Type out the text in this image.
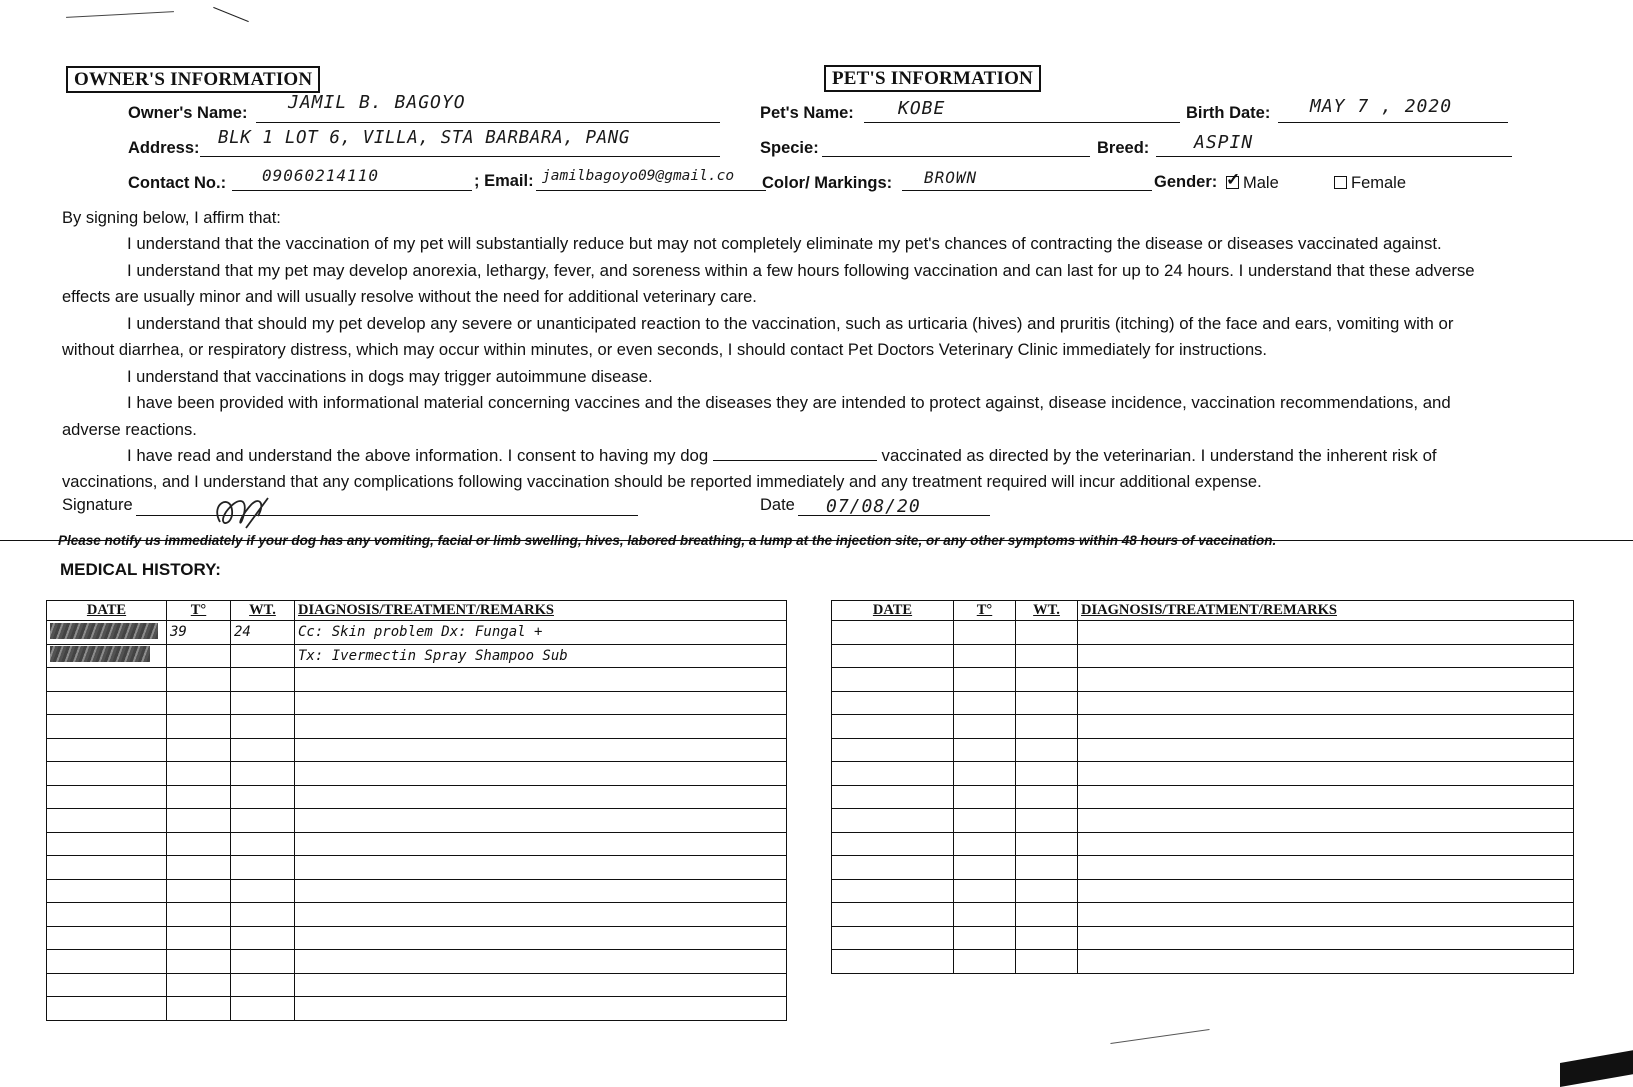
OWNER'S INFORMATION	PET'S INFORMATION
Owner's Name: JAMIL B. BAGOYO	Pet's Name: KOBE	Birth Date: MAY 7 , 2020
Address: BLK 1 LOT 6, VILLA, STA BARBARA, PANG	Specie:	Breed: ASPIN
Contact No.: 09060214110	; Email: jamilbagoyo09@gmail.co Color/ Markings: BROWN	Gender: ✓	Male	Female
By signing below, I affirm that:
I understand that the vaccination of my pet will substantially reduce but may not completely eliminate my pet's chances of contracting the disease or diseases vaccinated against.
I understand that my pet may develop anorexia, lethargy, fever, and soreness within a few hours following vaccination and can last for up to 24 hours. I understand that these adverse
effects are usually minor and will usually resolve without the need for additional veterinary care.
I understand that should my pet develop any severe or unanticipated reaction to the vaccination, such as urticaria (hives) and pruritis (itching) of the face and ears, vomiting with or
without diarrhea, or respiratory distress, which may occur within minutes, or even seconds, I should contact Pet Doctors Veterinary Clinic immediately for instructions.
I understand that vaccinations in dogs may trigger autoimmune disease.
I have been provided with informational material concerning vaccines and the diseases they are intended to protect against, disease incidence, vaccination recommendations, and
adverse reactions.
I have read and understand the above information. I consent to having my dog	vaccinated as directed by the veterinarian. I understand the inherent risk of
vaccinations, and I understand that any complications following vaccination should be reported immediately and any treatment required will incur additional expense.
Signature	Date 07/08/20
Please notify us immediately if your dog has any vomiting, facial or limb swelling, hives, labored breathing, a lump at the injection site, or any other symptoms within 48 hours of vaccination.
MEDICAL HISTORY:
DATE	T°	WT.	DIAGNOSIS/TREATMENT/REMARKS
	39	24	Cc: Skin problem Dx: Fungal +
			Tx: Ivermectin Spray Shampoo Sub

DATE	T°	WT.	DIAGNOSIS/TREATMENT/REMARKS
